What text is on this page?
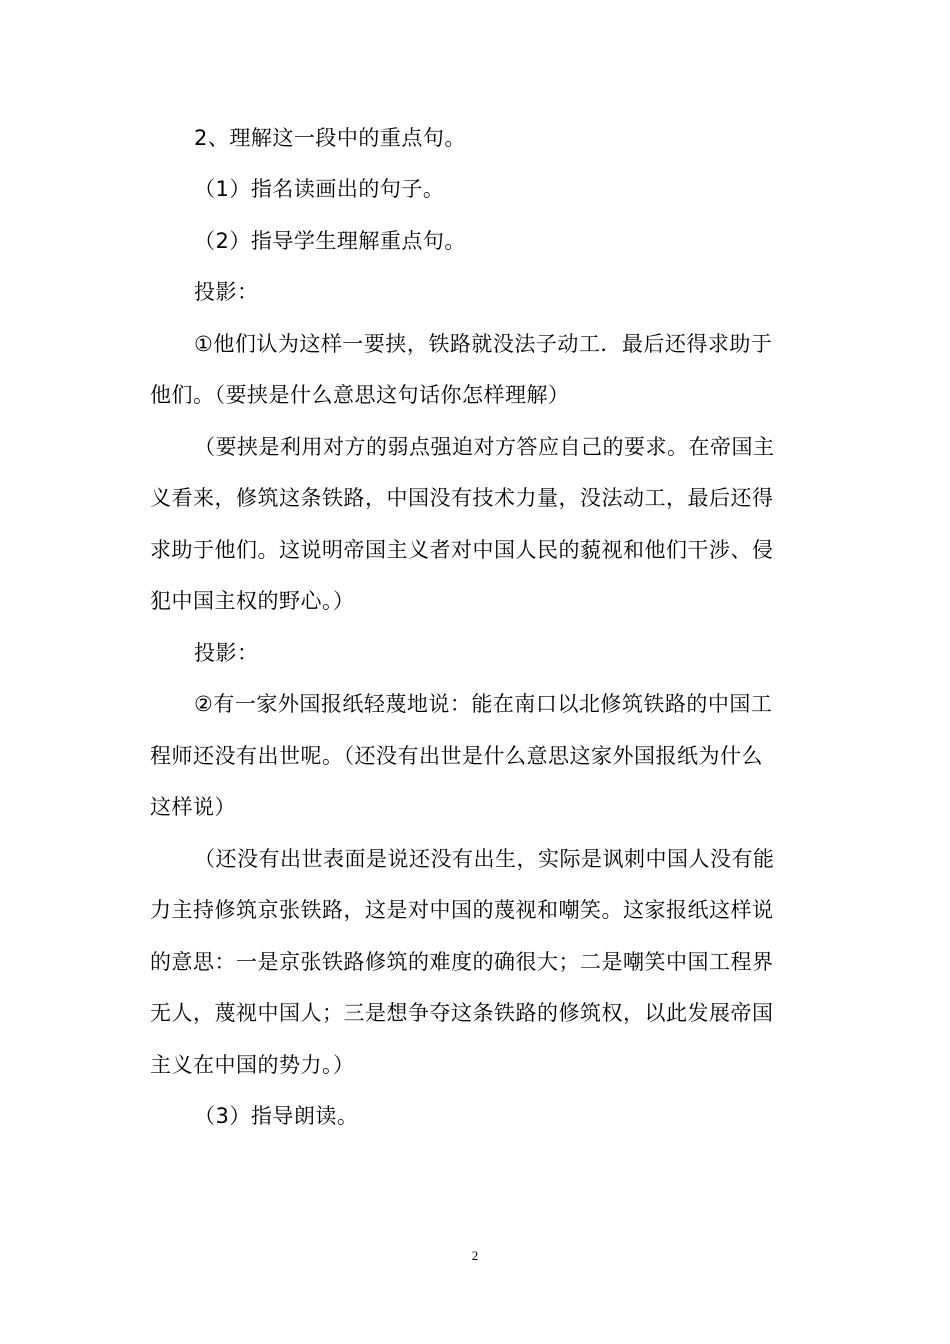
2、理解这一段中的重点句。
（1）指名读画出的句子。
（2）指导学生理解重点句。
投影：
①他们认为这样一要挟，铁路就没法子动工．最后还得求助于
他们。（要挟是什么意思这句话你怎样理解）
（要挟是利用对方的弱点强迫对方答应自己的要求。在帝国主
义看来，修筑这条铁路，中国没有技术力量，没法动工，最后还得
求助于他们。这说明帝国主义者对中国人民的藐视和他们干涉、侵
犯中国主权的野心。）
投影：
②有一家外国报纸轻蔑地说：能在南口以北修筑铁路的中国工
程师还没有出世呢。（还没有出世是什么意思这家外国报纸为什么
这样说）
（还没有出世表面是说还没有出生，实际是讽刺中国人没有能
力主持修筑京张铁路，这是对中国的蔑视和嘲笑。这家报纸这样说
的意思：一是京张铁路修筑的难度的确很大；二是嘲笑中国工程界
无人，蔑视中国人；三是想争夺这条铁路的修筑权，以此发展帝国
主义在中国的势力。）
（3）指导朗读。
2
